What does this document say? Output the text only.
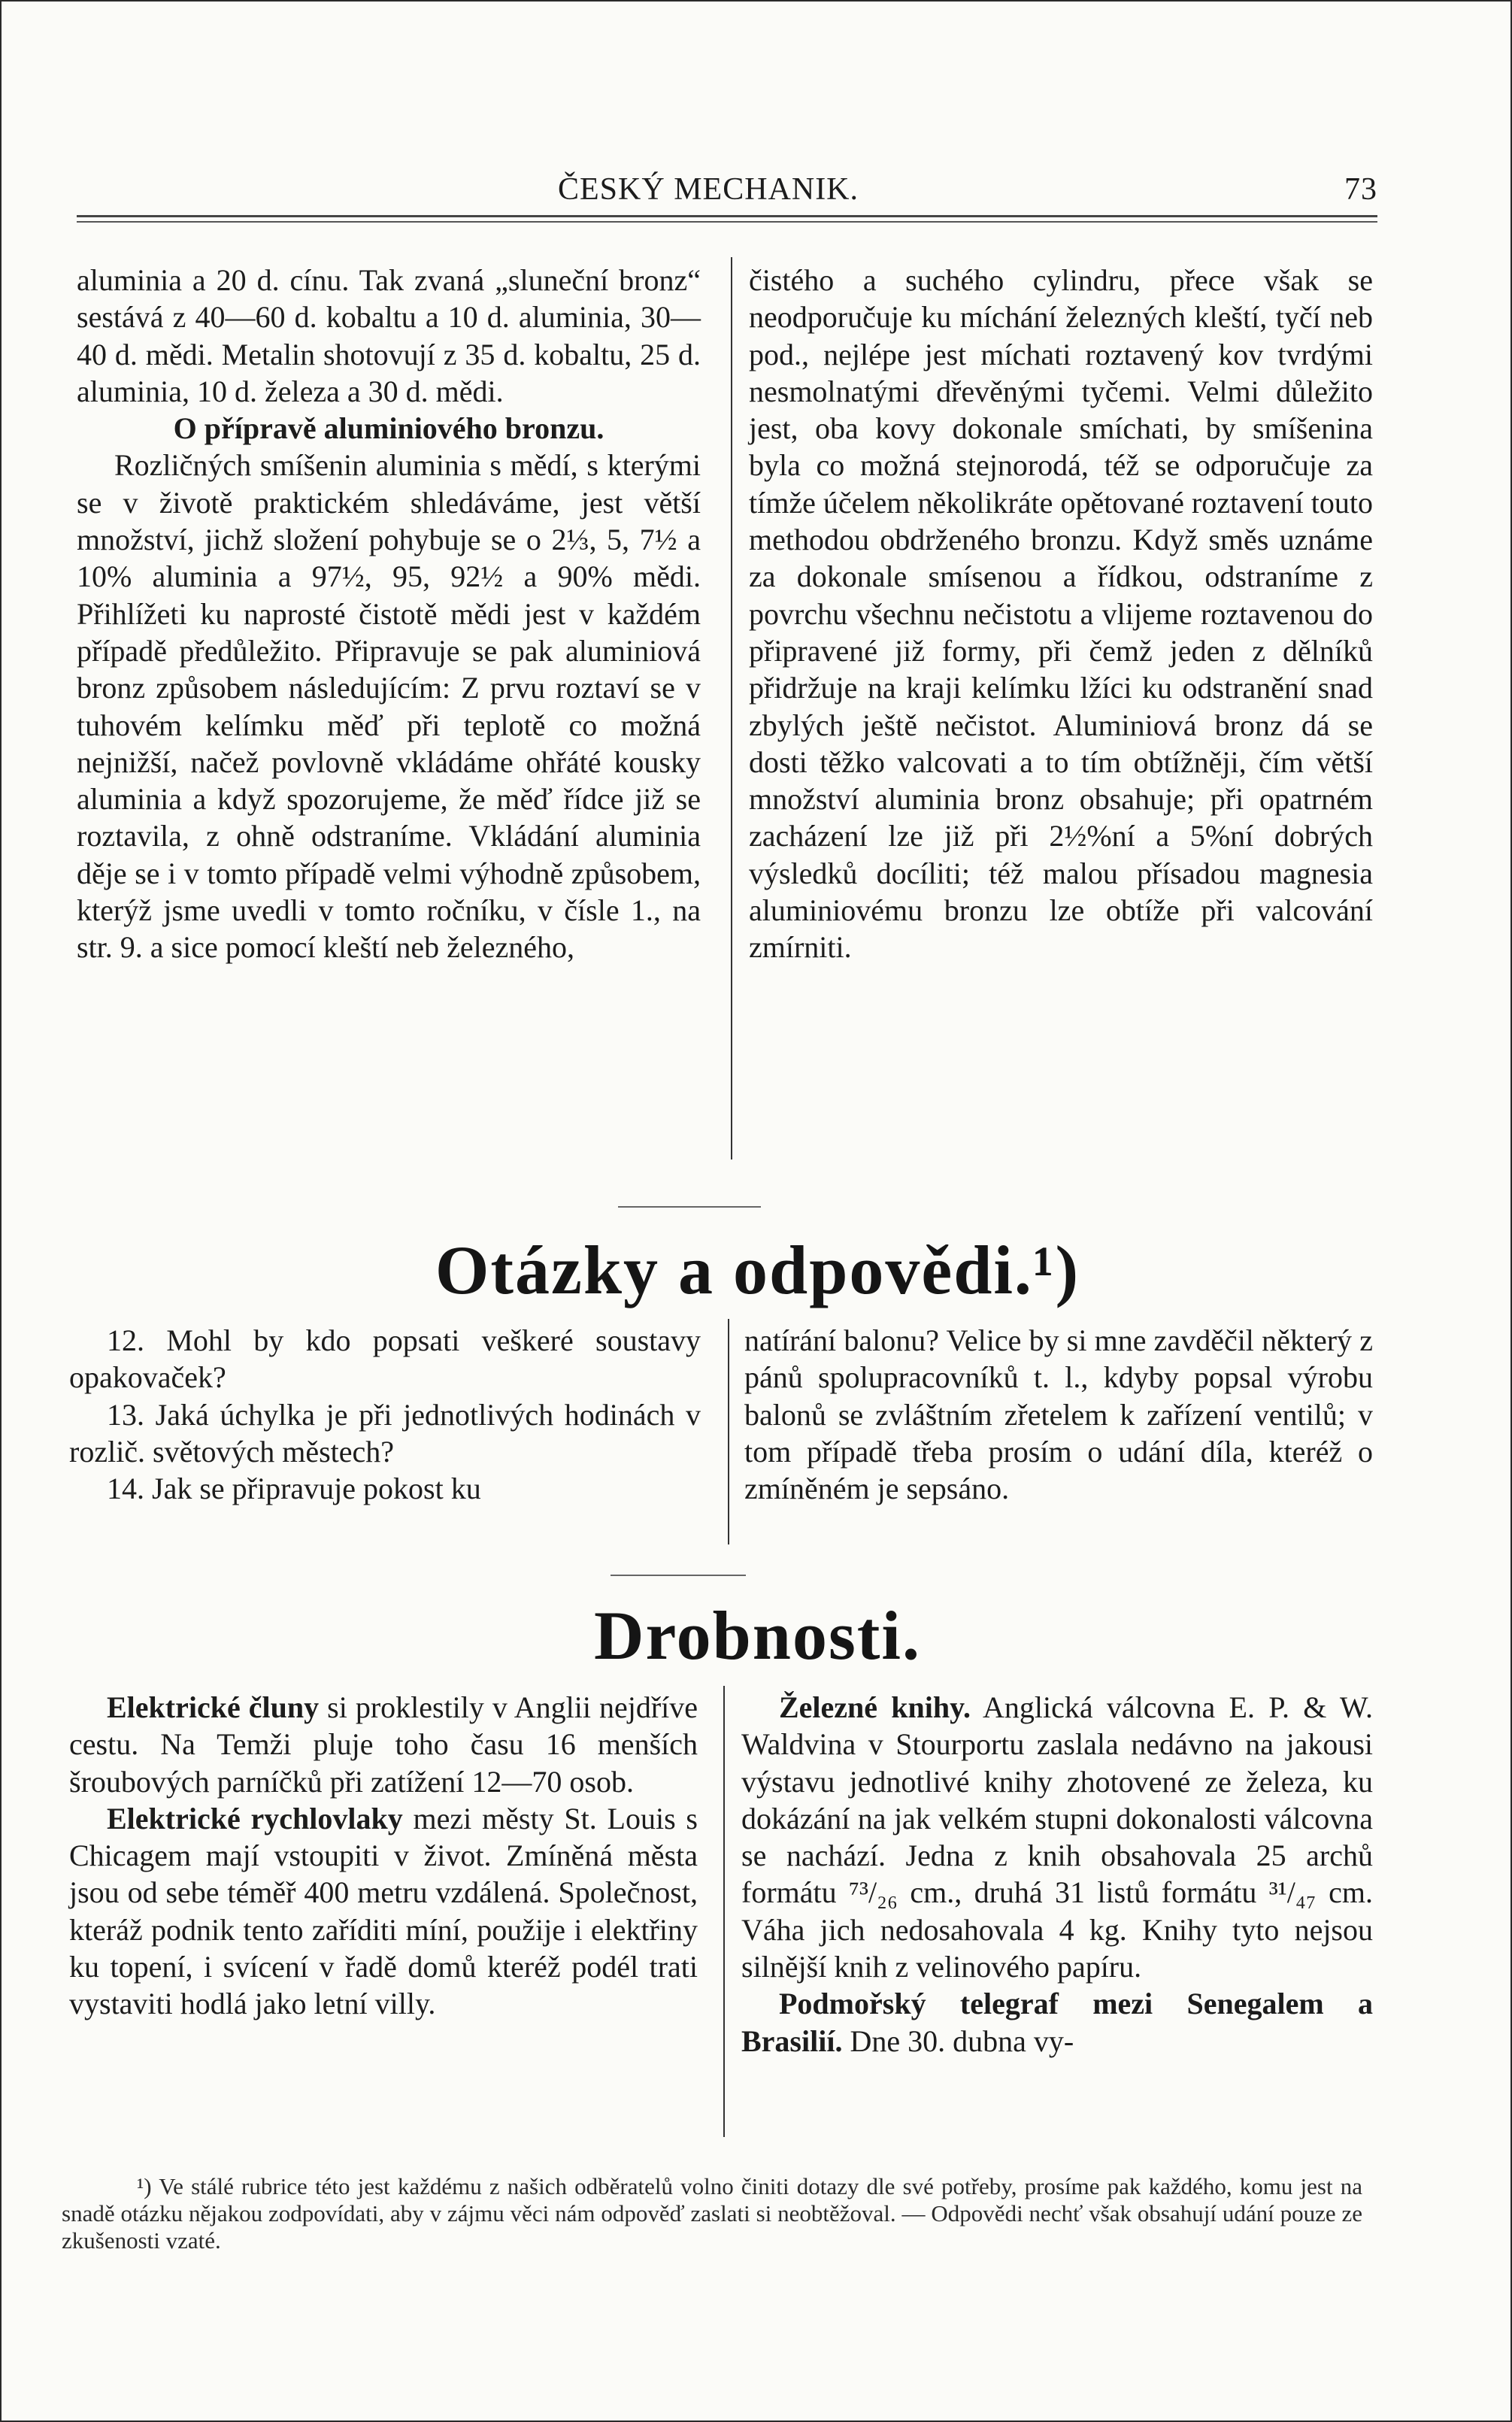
ČESKÝ MECHANIK.	73

aluminia a 20 d. cínu. Tak zvaná „sluneční bronz“ sestává z 40—60 d. kobaltu a 10 d. aluminia, 30—40 d. mědi. Metalin shotovují z 35 d. kobaltu, 25 d. aluminia, 10 d. železa a 30 d. mědi.

O přípravě aluminiového bronzu.

Rozličných smíšenin aluminia s mědí, s kterými se v životě praktickém shledáváme, jest větší množství, jichž složení pohybuje se o 2⅓, 5, 7½ a 10% aluminia a 97½, 95, 92½ a 90% mědi. Přihlížeti ku naprosté čistotě mědi jest v každém případě předůležito. Připravuje se pak aluminiová bronz způsobem následujícím: Z prvu roztaví se v tuhovém kelímku měď při teplotě co možná nejnižší, načež povlovně vkládáme ohřáté kousky aluminia a když spozorujeme, že měď řídce již se roztavila, z ohně odstraníme. Vkládání aluminia děje se i v tomto případě velmi výhodně způsobem, kterýž jsme uvedli v tomto ročníku, v čísle 1., na str. 9. a sice pomocí kleští neb železného,

čistého a suchého cylindru, přece však se neodporučuje ku míchání železných kleští, tyčí neb pod., nejlépe jest míchati roztavený kov tvrdými nesmolnatými dřevěnými tyčemi. Velmi důležito jest, oba kovy dokonale smíchati, by smíšenina byla co možná stejnorodá, též se odporučuje za tímže účelem několikráte opětované roztavení touto methodou obdrženého bronzu. Když směs uznáme za dokonale smísenou a řídkou, odstraníme z povrchu všechnu nečistotu a vlijeme roztavenou do připravené již formy, při čemž jeden z dělníků přidržuje na kraji kelímku lžíci ku odstranění snad zbylých ještě nečistot. Aluminiová bronz dá se dosti těžko valcovati a to tím obtížněji, čím větší množství aluminia bronz obsahuje; při opatrném zacházení lze již při 2½%ní a 5%ní dobrých výsledků docíliti; též malou přísadou magnesia aluminiovému bronzu lze obtíže při valcování zmírniti.

Otázky a odpovědi.¹)

12. Mohl by kdo popsati veškeré soustavy opakovaček?

13. Jaká úchylka je při jednotlivých hodinách v rozlič. světových městech?

14. Jak se připravuje pokost ku

natírání balonu? Velice by si mne zavděčil některý z pánů spolupracovníků t. l., kdyby popsal výrobu balonů se zvláštním zřetelem k zařízení ventilů; v tom případě třeba prosím o udání díla, kteréž o zmíněném je sepsáno.

Drobnosti.

Elektrické čluny si proklestily v Anglii nejdříve cestu. Na Temži pluje toho času 16 menších šroubových parníčků při zatížení 12—70 osob.

Elektrické rychlovlaky mezi městy St. Louis s Chicagem mají vstoupiti v život. Zmíněná města jsou od sebe téměř 400 metru vzdálená. Společnost, kteráž podnik tento zaříditi míní, použije i elektřiny ku topení, i svícení v řadě domů kteréž podél trati vystaviti hodlá jako letní villy.

Železné knihy. Anglická válcovna E. P. & W. Waldvina v Stourportu zaslala nedávno na jakousi výstavu jednotlivé knihy zhotovené ze železa, ku dokázání na jak velkém stupni dokonalosti válcovna se nachází. Jedna z knih obsahovala 25 archů formátu ⁷³/₂₆ cm., druhá 31 listů formátu ³¹/₄₇ cm. Váha jich nedosahovala 4 kg. Knihy tyto nejsou silnější knih z velinového papíru.

Podmořský telegraf mezi Senegalem a Brasilií. Dne 30. dubna vy-

¹) Ve stálé rubrice této jest každému z našich odběratelů volno činiti dotazy dle své potřeby, prosíme pak každého, komu jest na snadě otázku nějakou zodpovídati, aby v zájmu věci nám odpověď zaslati si neobtěžoval. — Odpovědi nechť však obsahují udání pouze ze zkušenosti vzaté.
